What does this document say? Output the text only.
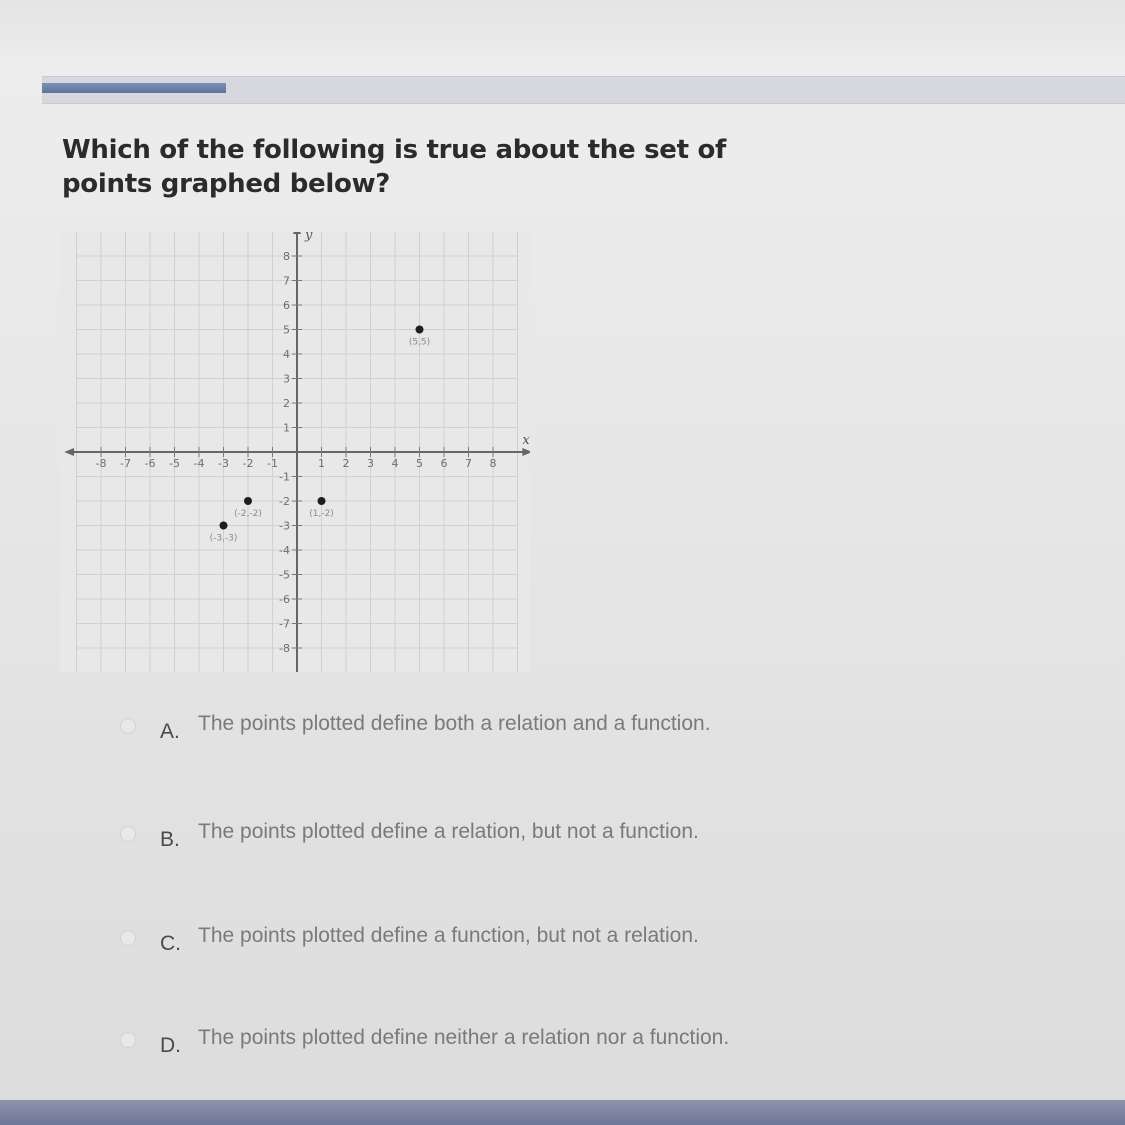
Which of the following is true about the set of points graphed below?

-8 -7 -6 -5 -4 -3 -2 -1	1 2 3 4 5 6 7 8
8
7
6
5
4
3
2
1
-1
-2
-3
-4
-5
-6
-7
-8
x
y
(5,5)
(-2,-2)
(-3,-3)
(1,-2)
A. The points plotted define both a relation and a function.
B. The points plotted define a relation, but not a function.
C. The points plotted define a function, but not a relation.
D. The points plotted define neither a relation nor a function.
